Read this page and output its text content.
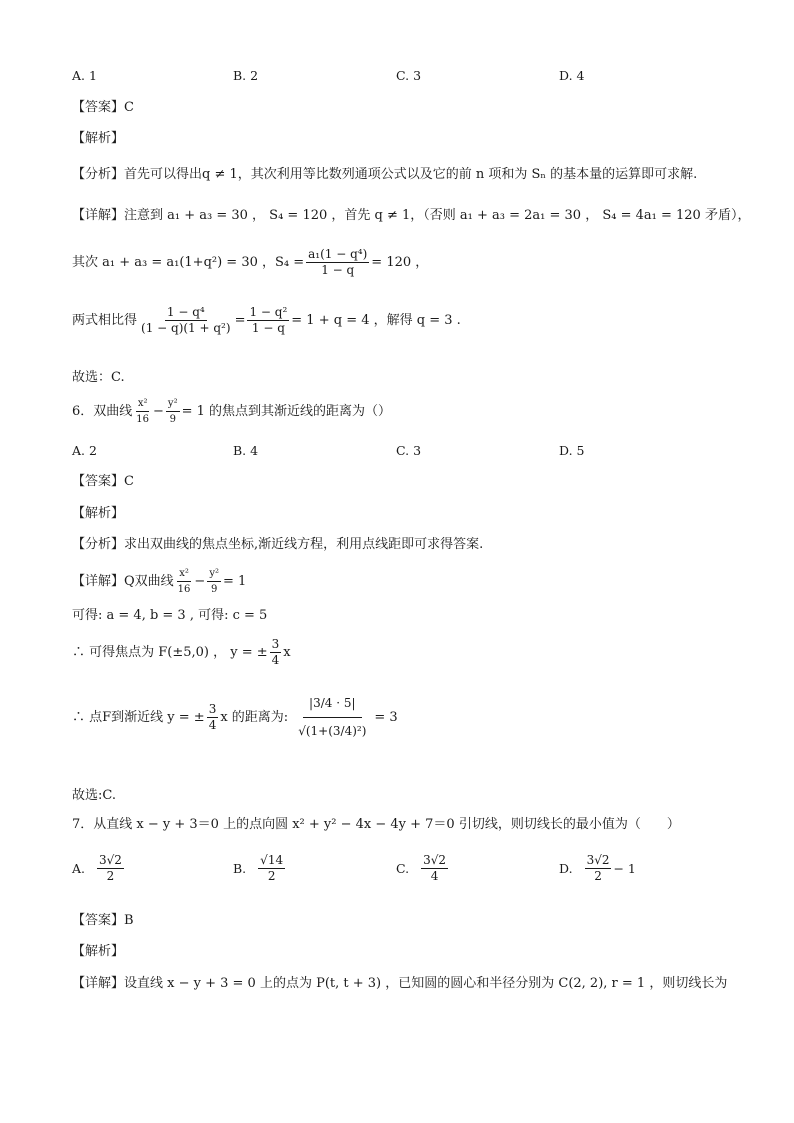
A. 1	B. 2	C. 3	D. 4
【答案】C
【解析】
【分析】首先可以得出q ≠ 1，其次利用等比数列通项公式以及它的前 n 项和为 Sₙ 的基本量的运算即可求解.
【详解】注意到 a₁ + a₃ = 30 ， S₄ = 120 ，首先 q ≠ 1，（否则 a₁ + a₃ = 2a₁ = 30 ， S₄ = 4a₁ = 120 矛盾），
其次 a₁ + a₃ = a₁(1+q²) = 30 ，$S_4 = \frac{\text{a₁(1 − q⁴)}}{1 - q} = 120$ ，
两式相比得 $\frac{\text{1 − q⁴}}{\text{(1 − q)(1 + q²)}} = \frac{\text{1 − q²}}{1 - q} = 1 + q = 4$ ，解得 q = 3 .
故选：C.
6．双曲线 $\frac{\text{x²}}{16} - \frac{\text{y²}}{9} = 1$ 的焦点到其渐近线的距离为（）
A. 2	B. 4	C. 3	D. 5
【答案】C
【解析】
【分析】求出双曲线的焦点坐标,渐近线方程，利用点线距即可求得答案.
【详解】Q双曲线 $\frac{\text{x²}}{16} - \frac{\text{y²}}{9} = 1$
可得: a = 4, b = 3 , 可得: c = 5
∴ 可得焦点为 F(±5,0) ， y = ± $\frac{3}{4}$ x
∴ 点F到渐近线 y = ± $\frac{3}{4}$ x 的距离为: $\frac{|3/4 \cdot 5|}{\text{√(1+(3/4)²)}} = 3$
故选:C.
7．从直线 x − y + 3＝0 上的点向圆 x² + y² − 4x − 4y + 7＝0 引切线，则切线长的最小值为（　　）
A. $\frac{3√2}{2}$	B. $\frac{√14}{2}$	C. $\frac{3√2}{4}$	D. $\frac{3√2}{2} - 1$
【答案】B
【解析】
【详解】设直线 x − y + 3 = 0 上的点为 P(t, t + 3) ，已知圆的圆心和半径分别为 C(2, 2), r = 1 ，则切线长为
